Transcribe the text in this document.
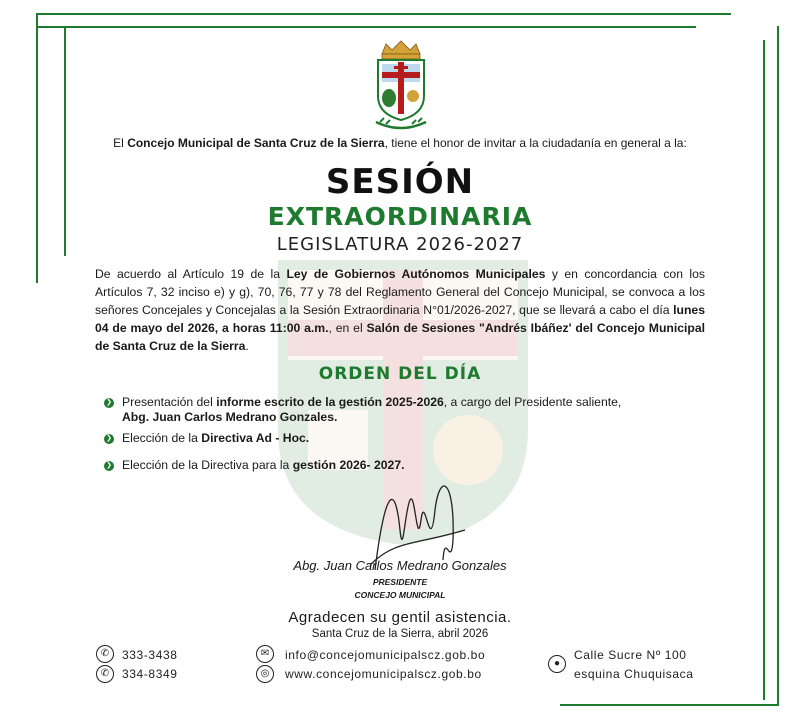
El Concejo Municipal de Santa Cruz de la Sierra, tiene el honor de invitar a la ciudadanía en general a la:
SESIÓN
EXTRAORDINARIA
LEGISLATURA 2026-2027
De acuerdo al Artículo 19 de la Ley de Gobiernos Autónomos Municipales y en concordancia con los Artículos 7, 32 inciso e) y g), 70, 76, 77 y 78 del Reglamento General del Concejo Municipal, se convoca a los señores Concejales y Concejalas a la Sesión Extraordinaria N°01/2026-2027, que se llevará a cabo el día lunes 04 de mayo del 2026, a horas 11:00 a.m., en el Salón de Sesiones "Andrés Ibáñez' del Concejo Municipal de Santa Cruz de la Sierra.
ORDEN DEL DÍA
❯ Presentación del informe escrito de la gestión 2025-2026, a cargo del Presidente saliente,
Abg. Juan Carlos Medrano Gonzales.
❯ Elección de la Directiva Ad - Hoc.
❯ Elección de la Directiva para la gestión 2026- 2027.
Abg. Juan Carlos Medrano Gonzales
PRESIDENTE
CONCEJO MUNICIPAL
Agradecen su gentil asistencia.
Santa Cruz de la Sierra, abril 2026
✆	333-3438
✆	334-8349
✉	info@concejomunicipalscz.gob.bo
◎	www.concejomunicipalscz.gob.bo
●
Calle Sucre Nº 100
esquina Chuquisaca
